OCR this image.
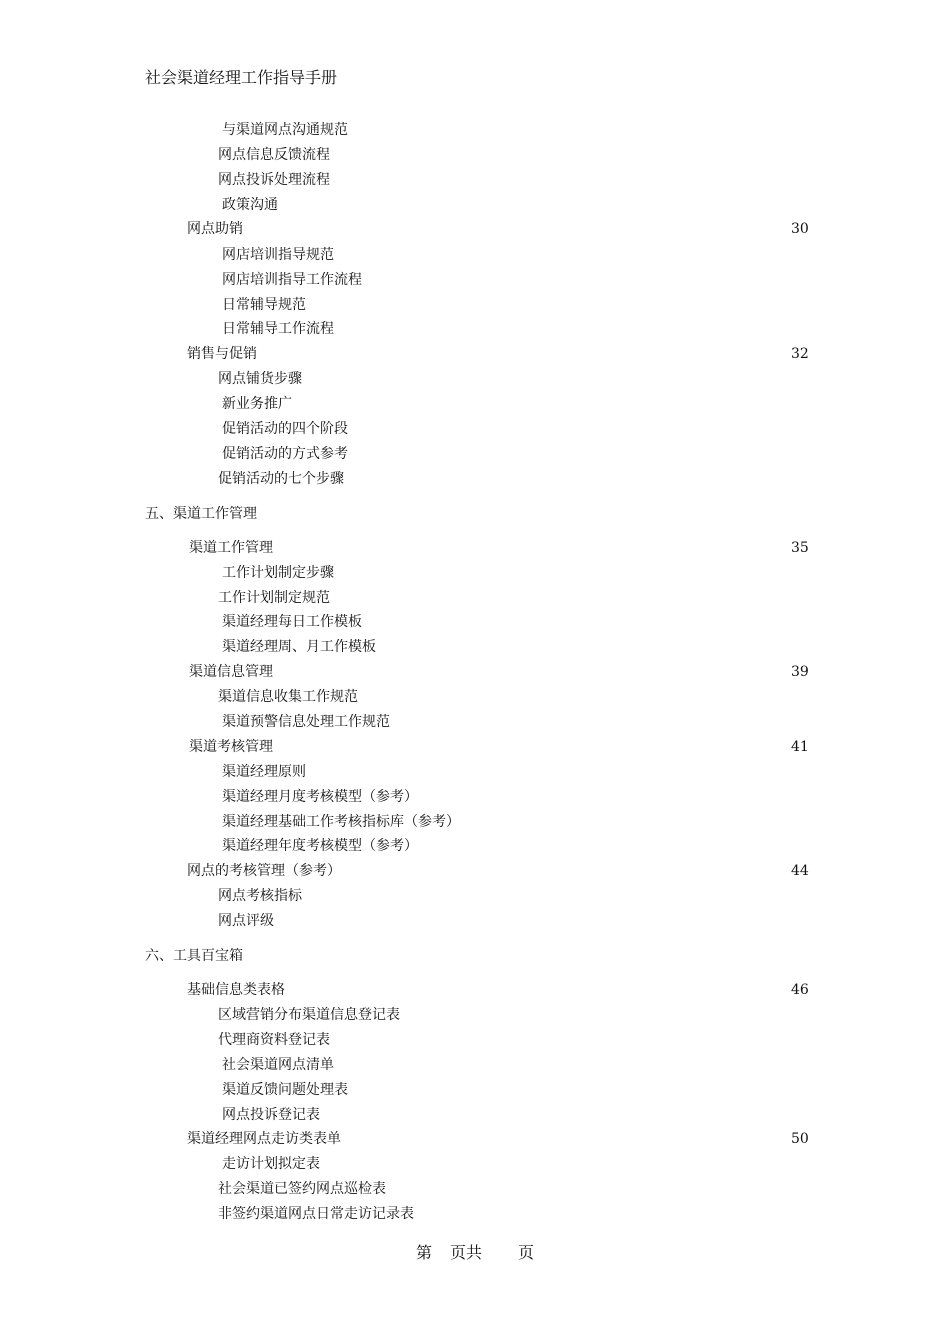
社会渠道经理工作指导手册
与渠道网点沟通规范
网点信息反馈流程
网点投诉处理流程
政策沟通
网点助销	30
网店培训指导规范
网店培训指导工作流程
日常辅导规范
日常辅导工作流程
销售与促销	32
网点铺货步骤
新业务推广
促销活动的四个阶段
促销活动的方式参考
促销活动的七个步骤
五、渠道工作管理
渠道工作管理	35
工作计划制定步骤
工作计划制定规范
渠道经理每日工作模板
渠道经理周、月工作模板
渠道信息管理	39
渠道信息收集工作规范
渠道预警信息处理工作规范
渠道考核管理	41
渠道经理原则
渠道经理月度考核模型（参考）
渠道经理基础工作考核指标库（参考）
渠道经理年度考核模型（参考）
网点的考核管理（参考）	44
网点考核指标
网点评级
六、工具百宝箱
基础信息类表格	46
区域营销分布渠道信息登记表
代理商资料登记表
社会渠道网点清单
渠道反馈问题处理表
网点投诉登记表
渠道经理网点走访类表单	50
走访计划拟定表
社会渠道已签约网点巡检表
非签约渠道网点日常走访记录表
第 页共 页
